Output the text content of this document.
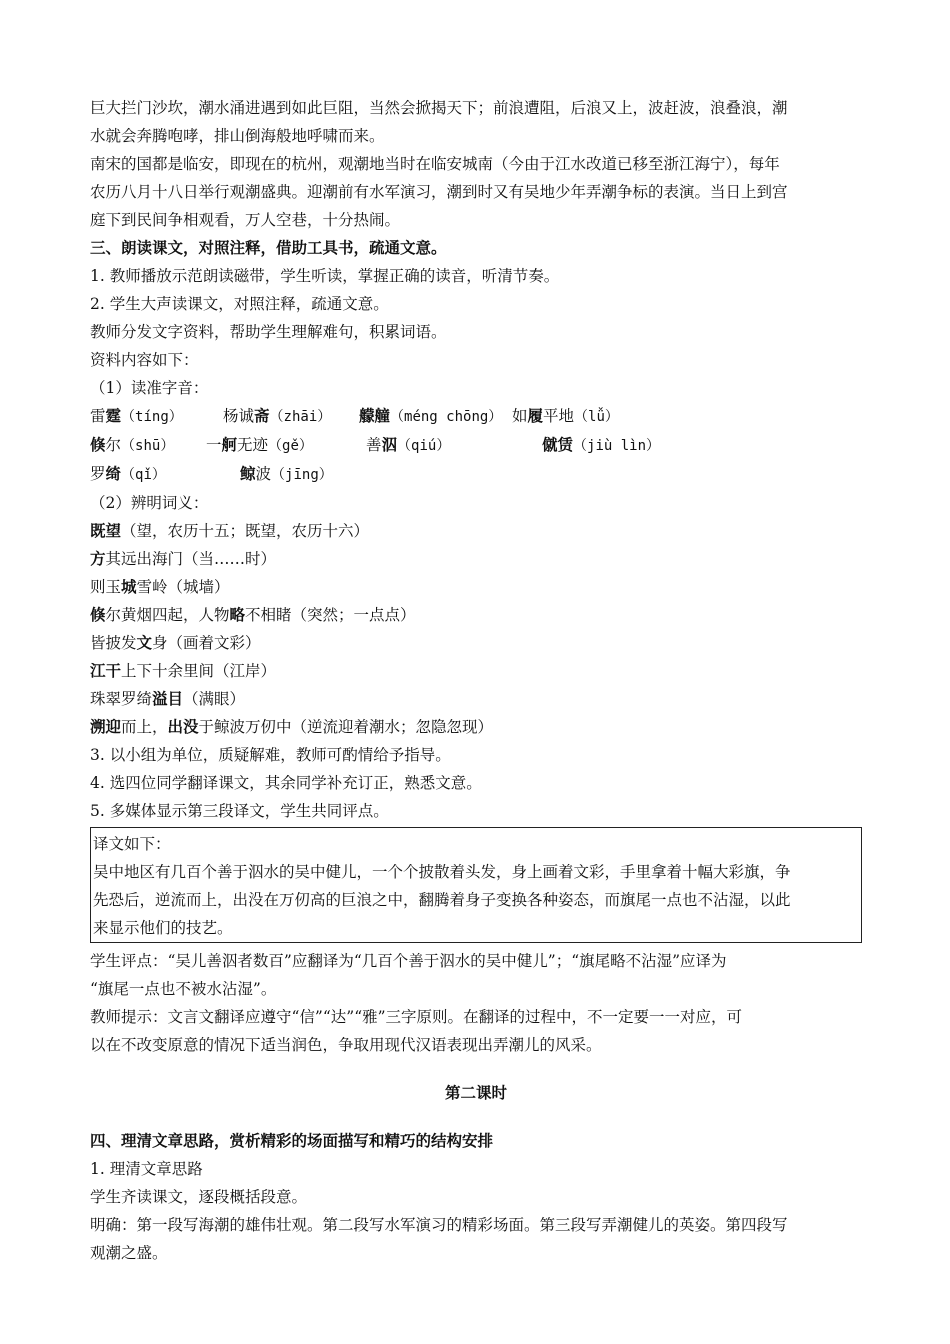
巨大拦门沙坎，潮水涌进遇到如此巨阻，当然会掀揭天下；前浪遭阻，后浪又上，波赶波，浪叠浪，潮
水就会奔腾咆哮，排山倒海般地呼啸而来。
南宋的国都是临安，即现在的杭州，观潮地当时在临安城南（今由于江水改道已移至浙江海宁），每年
农历八月十八日举行观潮盛典。迎潮前有水军演习，潮到时又有吴地少年弄潮争标的表演。当日上到宫
庭下到民间争相观看，万人空巷，十分热闹。
三、朗读课文，对照注释，借助工具书，疏通文意。
1. 教师播放示范朗读磁带，学生听读，掌握正确的读音，听清节奏。
2. 学生大声读课文，对照注释，疏通文意。
教师分发文字资料，帮助学生理解难句，积累词语。
资料内容如下：
（1）读准字音：
雷霆（tíng）	杨诚斋（zhāi）	艨艟（méng chōng） 如履平地（lǚ）
倏尔（shū）	一舸无迹（gě）	善泅（qiú）	僦赁（jiù lìn）
罗绮（qǐ）	鲸波（jīng）
（2）辨明词义：
既望（望，农历十五；既望，农历十六）
方其远出海门（当……时）
则玉城雪岭（城墙）
倏尔黄烟四起，人物略不相睹（突然；一点点）
皆披发文身（画着文彩）
江干上下十余里间（江岸）
珠翠罗绮溢目（满眼）
溯迎而上，出没于鲸波万仞中（逆流迎着潮水；忽隐忽现）
3. 以小组为单位，质疑解难，教师可酌情给予指导。
4. 选四位同学翻译课文，其余同学补充订正，熟悉文意。
5. 多媒体显示第三段译文，学生共同评点。
译文如下：
吴中地区有几百个善于泅水的吴中健儿，一个个披散着头发，身上画着文彩，手里拿着十幅大彩旗，争
先恐后，逆流而上，出没在万仞高的巨浪之中，翻腾着身子变换各种姿态，而旗尾一点也不沾湿，以此
来显示他们的技艺。
学生评点：“吴儿善泅者数百”应翻译为“几百个善于泅水的吴中健儿”；“旗尾略不沾湿”应译为
“旗尾一点也不被水沾湿”。
教师提示：文言文翻译应遵守“信”“达”“雅”三字原则。在翻译的过程中，不一定要一一对应，可
以在不改变原意的情况下适当润色，争取用现代汉语表现出弄潮儿的风采。
第二课时
四、理清文章思路，赏析精彩的场面描写和精巧的结构安排
1. 理清文章思路
学生齐读课文，逐段概括段意。
明确：第一段写海潮的雄伟壮观。第二段写水军演习的精彩场面。第三段写弄潮健儿的英姿。第四段写
观潮之盛。
